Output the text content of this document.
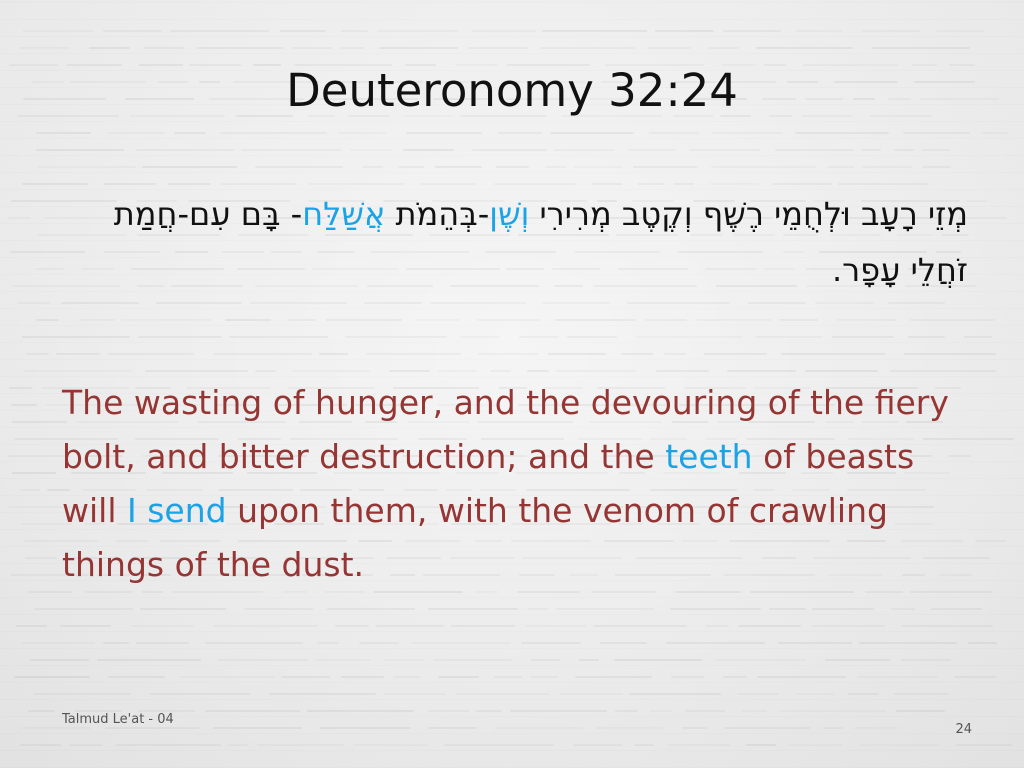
Deuteronomy 32:24
מְזֵי רָעָב וּלְחֻמֵי רֶשֶׁף וְקֶטֶב מְרִירִי וְשֶׁן-בְּהֵמֹת אֲשַׁלַּח- בָּם עִם-חֲמַת זֹחֲלֵי עָפָר.
The wasting of hunger, and the devouring of the fiery bolt, and bitter destruction; and the teeth of beasts will I send upon them, with the venom of crawling things of the dust.
Talmud Le'at - 04
24
